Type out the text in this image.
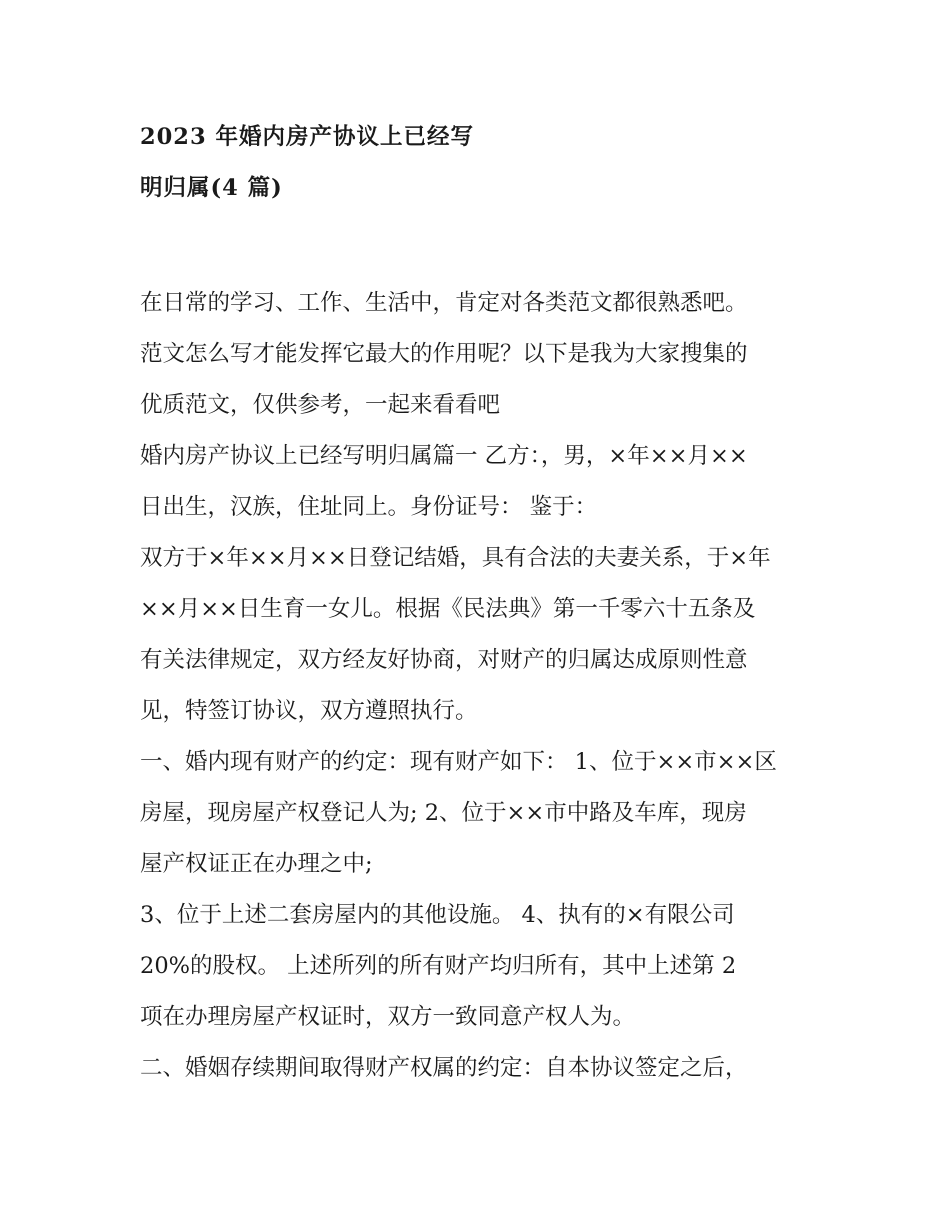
2023 年婚内房产协议上已经写
明归属(4 篇)
在日常的学习、工作、生活中，肯定对各类范文都很熟悉吧。
范文怎么写才能发挥它最大的作用呢？以下是我为大家搜集的
优质范文，仅供参考，一起来看看吧
婚内房产协议上已经写明归属篇一 乙方：，男，×年××月××
日出生，汉族，住址同上。身份证号： 鉴于：
双方于×年××月××日登记结婚，具有合法的夫妻关系，于×年
××月××日生育一女儿。根据《民法典》第一千零六十五条及
有关法律规定，双方经友好协商，对财产的归属达成原则性意
见，特签订协议，双方遵照执行。
一、婚内现有财产的约定：现有财产如下： 1、位于××市××区
房屋，现房屋产权登记人为; 2、位于××市中路及车库，现房
屋产权证正在办理之中;
3、位于上述二套房屋内的其他设施。 4、执有的×有限公司
20%的股权。 上述所列的所有财产均归所有，其中上述第 2
项在办理房屋产权证时，双方一致同意产权人为。
二、婚姻存续期间取得财产权属的约定：自本协议签定之后，
